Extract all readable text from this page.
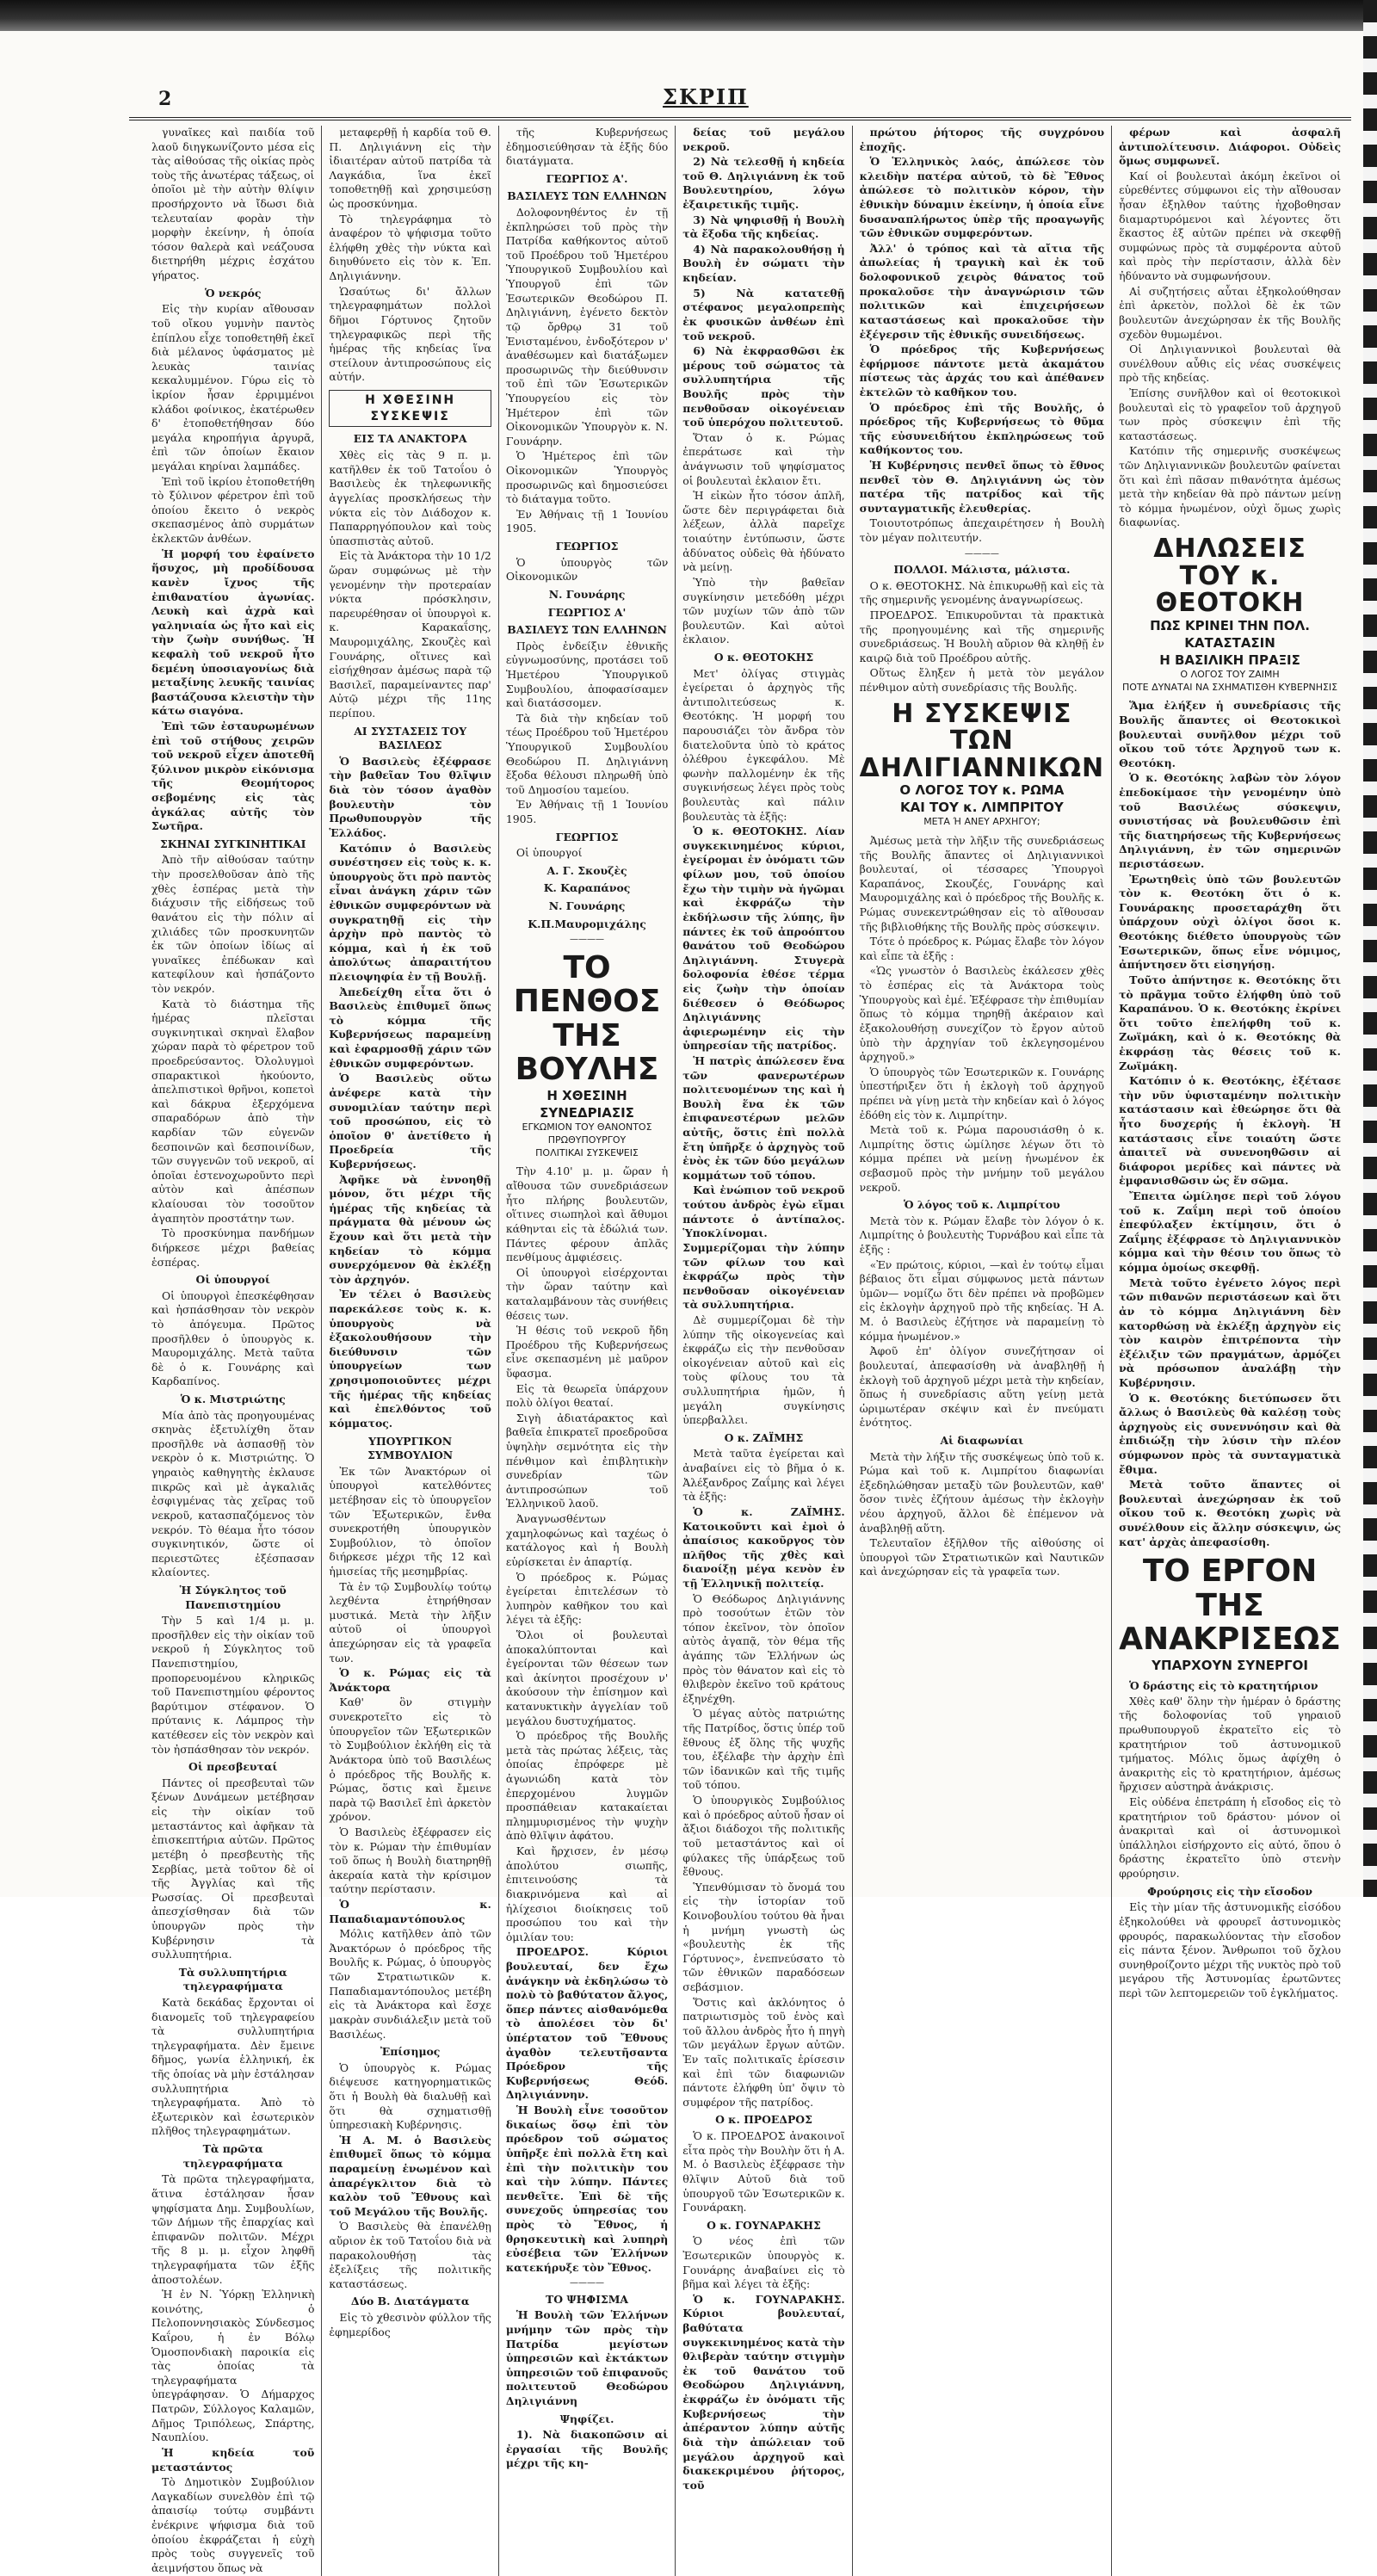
2	ΣΚΡΙΠ

γυναῖκες καὶ παιδία τοῦ λαοῦ διηγκωνίζοντο μέσα εἰς τὰς αἰθούσας τῆς οἰκίας πρὸς τοὺς τῆς ἀνωτέρας τάξεως, οἱ ὁποῖοι μὲ τὴν αὐτὴν θλίψιν προσήρχοντο νὰ ἴδωσι διὰ τελευταίαν φορὰν τὴν μορφὴν ἐκείνην, ἡ ὁποία τόσον θαλερὰ καὶ νεάζουσα διετηρήθη μέχρις ἐσχάτου γήρατος.

Ὁ νεκρός

Εἰς τὴν κυρίαν αἴθουσαν τοῦ οἴκου γυμνὴν παντὸς ἐπίπλου εἶχε τοποθετηθῆ ἐκεῖ διὰ μέλανος ὑφάσματος μὲ λευκὰς ταινίας κεκαλυμμένον. Γύρω εἰς τὸ ἰκρίον ἦσαν ἐρριμμένοι κλάδοι φοίνικος, ἐκατέρωθεν δ' ἐτοποθετήθησαν δύο μεγάλα κηροπήγια ἀργυρᾶ, ἐπὶ τῶν ὁποίων ἔκαιον μεγάλαι κηρίναι λαμπάδες.

Ἐπὶ τοῦ ἰκρίου ἐτοποθετήθη τὸ ξύλινον φέρετρον ἐπὶ τοῦ ὁποίου ἔκειτο ὁ νεκρὸς σκεπασμένος ἀπὸ συρμάτων ἐκλεκτῶν ἀνθέων.

Ἡ μορφή του ἐφαίνετο ἥσυχος, μὴ προδίδουσα κανὲν ἴχνος τῆς ἐπιθανατίου ἀγωνίας. Λευκὴ καὶ ἀχρὰ καὶ γαληνιαία ὡς ἦτο καὶ εἰς τὴν ζωὴν συνήθως. Ἡ κεφαλὴ τοῦ νεκροῦ ἦτο δεμένη ὑποσιαγονίως διὰ μεταξίνης λευκῆς ταινίας βαστάζουσα κλειστὴν τὴν κάτω σιαγόνα.

Ἐπὶ τῶν ἐσταυρωμένων ἐπὶ τοῦ στήθους χειρῶν τοῦ νεκροῦ εἶχεν ἀποτεθῆ ξύλινον μικρὸν εἰκόνισμα τῆς Θεομήτορος σεβομένης εἰς τὰς ἀγκάλας αὐτῆς τὸν Σωτῆρα.

ΣΚΗΝΑΙ ΣΥΓΚΙΝΗΤΙΚΑΙ

Ἀπὸ τῆν αἰθούσαν ταύτην τὴν προσελθοῦσαν ἀπὸ τῆς χθὲς ἑσπέρας μετὰ τὴν διάχυσιν τῆς εἰδήσεως τοῦ θανάτου εἰς τὴν πόλιν αἱ χιλιάδες τῶν προσκυνητῶν ἐκ τῶν ὁποίων ἰδίως αἱ γυναῖκες ἐπέδωκαν καὶ κατεφίλουν καὶ ἠσπάζοντο τὸν νεκρόν.

Κατὰ τὸ διάστημα τῆς ἡμέρας πλεῖσται συγκινητικαὶ σκηναὶ ἔλαβον χώραν παρὰ τὸ φέρετρον τοῦ προεδρεύσαντος. Ὀλολυγμοὶ σπαρακτικοὶ ἠκούοντο, ἀπελπιστικοὶ θρῆνοι, κοπετοὶ καὶ δάκρυα ἐξερχόμενα σπαραδόρων ἀπὸ τὴν καρδίαν τῶν εὐγενῶν δεσποινῶν καὶ δεσποινίδων, τῶν συγγενῶν τοῦ νεκροῦ, αἱ ὁποῖαι ἐστενοχωροῦντο περὶ αὐτὸν καὶ ἀπέσπων κλαίουσαι τὸν τοσοῦτον ἀγαπητὸν προστάτην των.

Τὸ προσκύνημα πανδήμων διήρκεσε μέχρι βαθείας ἑσπέρας.

Οἱ ὑπουργοί

Οἱ ὑπουργοὶ ἐπεσκέφθησαν καὶ ἠσπάσθησαν τὸν νεκρὸν τὸ ἀπόγευμα. Πρῶτος προσῆλθεν ὁ ὑπουργὸς κ. Μαυρομιχάλης. Μετὰ ταῦτα δὲ ὁ κ. Γουνάρης καὶ Καρδαπίνος.

Ὁ κ. Μιστριώτης

Μία ἀπὸ τὰς προηγουμένας σκηνὰς ἐξετυλίχθη ὅταν προσῆλθε νὰ ἀσπασθῇ τὸν νεκρὸν ὁ κ. Μιστριώτης. Ὁ γηραιὸς καθηγητὴς ἐκλαυσε πικρῶς καὶ μὲ ἀγκαλιᾶς ἐσφιγμένας τὰς χεῖρας τοῦ νεκροῦ, κατασπαζόμενος τὸν νεκρόν. Τὸ θέαμα ἦτο τόσον συγκινητικόν, ὥστε οἱ περιεστῶτες ἐξέσπασαν κλαίοντες.

Ἡ Σύγκλητος τοῦ Πανεπιστημίου

Τὴν 5 καὶ 1/4 μ. μ. προσῆλθεν εἰς τὴν οἰκίαν τοῦ νεκροῦ ἡ Σύγκλητος τοῦ Πανεπιστημίου, προπορευομένου κληρικῶς τοῦ Πανεπιστημίου φέροντος βαρύτιμον στέφανον. Ὁ πρύτανις κ. Λάμπρος τὴν κατέθεσεν εἰς τὸν νεκρὸν καὶ τὸν ἠσπάσθησαν τὸν νεκρόν.

Οἱ πρεσβευταί

Πάντες οἱ πρεσβευταὶ τῶν ξένων Δυνάμεων μετέβησαν εἰς τὴν οἰκίαν τοῦ μεταστάντος καὶ ἀφῆκαν τὰ ἐπισκεπτήρια αὐτῶν. Πρῶτος μετέβη ὁ πρεσβευτὴς τῆς Σερβίας, μετὰ τοῦτον δὲ οἱ τῆς Ἀγγλίας καὶ τῆς Ρωσσίας. Οἱ πρεσβευταὶ ἀπεσχίσθησαν διὰ τῶν ὑπουργῶν πρὸς τὴν Κυβέρνησιν τὰ συλλυπητήρια.

Τὰ συλλυπητήρια τηλεγραφήματα

Κατὰ δεκάδας ἔρχονται οἱ διανομεῖς τοῦ τηλεγραφείου τὰ συλλυπητήρια τηλεγραφήματα. Δὲν ἔμεινε δῆμος, γωνία ἑλληνική, ἐκ τῆς ὁποίας νὰ μὴν ἐστάλησαν συλλυπητήρια τηλεγραφήματα. Ἀπὸ τὸ ἐξωτερικὸν καὶ ἐσωτερικὸν πλῆθος τηλεγραφημάτων.

Τὰ πρῶτα τηλεγραφήματα

Τὰ πρῶτα τηλεγραφήματα, ἅτινα ἐστάλησαν ἦσαν ψηφίσματα Δημ. Συμβουλίων, τῶν Δήμων τῆς ἐπαρχίας καὶ ἐπιφανῶν πολιτῶν. Μέχρι τῆς 8 μ. μ. εἶχον ληφθῆ τηλεγραφήματα τῶν ἑξῆς ἀποστολέων.

Ἡ ἐν Ν. Ὑόρκῃ Ἑλληνικὴ κοινότης, ὁ Πελοποννησιακὸς Σύνδεσμος Καΐρου, ἡ ἐν Βόλῳ Ὁμοσπονδιακὴ παροικία εἰς τὰς ὁποίας τὰ τηλεγραφήματα ὑπεγράφησαν. Ὁ Δήμαρχος Πατρῶν, Σύλλογος Καλαμῶν, Δῆμος Τριπόλεως, Σπάρτης, Ναυπλίου.

Ἡ κηδεία τοῦ μεταστάντος

Τὸ Δημοτικὸν Συμβούλιον Λαγκαδίων συνελθὸν ἐπὶ τῷ ἀπαισίῳ τούτῳ συμβάντι ἐνέκρινε ψήφισμα διὰ τοῦ ὁποίου ἐκφράζεται ἡ εὐχὴ πρὸς τοὺς συγγενεῖς τοῦ ἀειμνήστου ὅπως νὰ

μεταφερθῇ ἡ καρδία τοῦ Θ. Π. Δηλιγιάννη εἰς τὴν ἰδιαιτέραν αὐτοῦ πατρίδα τὰ Λαγκάδια, ἵνα ἐκεῖ τοποθετηθῇ καὶ χρησιμεύσῃ ὡς προσκύνημα.

Τὸ τηλεγράφημα τὸ ἀναφέρον τὸ ψήφισμα τοῦτο ἐλήφθη χθὲς τὴν νύκτα καὶ διηυθύνετο εἰς τὸν κ. Ἐπ. Δηλιγιάννην.

Ὡσαύτως δι' ἄλλων τηλεγραφημάτων πολλοὶ δῆμοι Γόρτυνος ζητοῦν τηλεγραφικῶς περὶ τῆς ἡμέρας τῆς κηδείας ἵνα στείλουν ἀντιπροσώπους εἰς αὐτήν.

Η ΧΘΕΣΙΝΗ ΣΥΣΚΕΨΙΣ

ΕΙΣ ΤΑ ΑΝΑΚΤΟΡΑ

Χθὲς εἰς τὰς 9 π. μ. κατῆλθεν ἐκ τοῦ Τατοΐου ὁ Βασιλεὺς ἐκ τηλεφωνικῆς ἀγγελίας προσκλήσεως τὴν νύκτα εἰς τὸν Διάδοχον κ. Παπαρρηγόπουλον καὶ τοὺς ὑπασπιστὰς αὐτοῦ.

Εἰς τὰ Ἀνάκτορα τὴν 10 1/2 ὥραν συμφώνως μὲ τὴν γενομένην τὴν προτεραίαν νύκτα πρόσκλησιν, παρευρέθησαν οἱ ὑπουργοὶ κ. κ. Καρακαΐσης, Μαυρομιχάλης, Σκουζὲς καὶ Γουνάρης, οἵτινες καὶ εἰσήχθησαν ἀμέσως παρὰ τῷ Βασιλεῖ, παραμείναντες παρ' Αὐτῷ μέχρι τῆς 11ης περίπου.

ΑΙ ΣΥΣΤΑΣΕΙΣ ΤΟΥ ΒΑΣΙΛΕΩΣ

Ὁ Βασιλεὺς ἐξέφρασε τὴν βαθεῖαν Του θλῖψιν διὰ τὸν τόσον ἀγαθὸν βουλευτὴν τὸν Πρωθυπουργὸν τῆς Ἑλλάδος.

Κατόπιν ὁ Βασιλεὺς συνέστησεν εἰς τοὺς κ. κ. ὑπουργοὺς ὅτι πρὸ παντὸς εἶναι ἀνάγκη χάριν τῶν ἐθνικῶν συμφερόντων νὰ συγκρατηθῇ εἰς τὴν ἀρχὴν πρὸ παντὸς τὸ κόμμα, καὶ ἡ ἐκ τοῦ ἀπολύτως ἀπαραιτήτου πλειοψηφία ἐν τῇ Βουλῇ.

Ἀπεδείχθη εἶτα ὅτι ὁ Βασιλεὺς ἐπιθυμεῖ ὅπως τὸ κόμμα τῆς Κυβερνήσεως παραμείνῃ καὶ ἐφαρμοσθῇ χάριν τῶν ἐθνικῶν συμφερόντων.

Ὁ Βασιλεὺς οὕτω ἀνέφερε κατὰ τὴν συνομιλίαν ταύτην περὶ τοῦ προσώπου, εἰς τὸ ὁποῖον θ' ἀνετίθετο ἡ Προεδρεία τῆς Κυβερνήσεως.

Ἀφῆκε νὰ ἐννοηθῇ μόνον, ὅτι μέχρι τῆς ἡμέρας τῆς κηδείας τὰ πράγματα θὰ μένουν ὡς ἔχουν καὶ ὅτι μετὰ τὴν κηδείαν τὸ κόμμα συνερχόμενον θὰ ἐκλέξῃ τὸν ἀρχηγόν.

Ἐν τέλει ὁ Βασιλεὺς παρεκάλεσε τοὺς κ. κ. ὑπουργοὺς νὰ ἐξακολουθήσουν τὴν διεύθυνσιν τῶν ὑπουργείων των χρησιμοποιοῦντες μέχρι τῆς ἡμέρας τῆς κηδείας καὶ ἐπελθόντος τοῦ κόμματος.

ΥΠΟΥΡΓΙΚΟΝ ΣΥΜΒΟΥΛΙΟΝ

Ἐκ τῶν Ἀνακτόρων οἱ ὑπουργοὶ κατελθόντες μετέβησαν εἰς τὸ ὑπουργεῖον τῶν Ἐξωτερικῶν, ἔνθα συνεκροτήθη ὑπουργικὸν Συμβούλιον, τὸ ὁποῖον διήρκεσε μέχρι τῆς 12 καὶ ἡμισείας τῆς μεσημβρίας.

Τὰ ἐν τῷ Συμβουλίῳ τούτῳ λεχθέντα ἐτηρήθησαν μυστικά. Μετὰ τὴν λῆξιν αὐτοῦ οἱ ὑπουργοὶ ἀπεχώρησαν εἰς τὰ γραφεῖα των.

Ὁ κ. Ρώμας εἰς τὰ Ἀνάκτορα

Καθ' ὃν στιγμὴν συνεκροτεῖτο εἰς τὸ ὑπουργεῖον τῶν Ἐξωτερικῶν τὸ Συμβούλιον ἐκλήθη εἰς τὰ Ἀνάκτορα ὑπὸ τοῦ Βασιλέως ὁ πρόεδρος τῆς Βουλῆς κ. Ρώμας, ὅστις καὶ ἔμεινε παρὰ τῷ Βασιλεῖ ἐπὶ ἀρκετὸν χρόνον.

Ὁ Βασιλεὺς ἐξέφρασεν εἰς τὸν κ. Ρώμαν τὴν ἐπιθυμίαν τοῦ ὅπως ἡ Βουλὴ διατηρηθῇ ἀκεραία κατὰ τὴν κρίσιμον ταύτην περίστασιν.

Ὁ κ. Παπαδιαμαντόπουλος

Μόλις κατῆλθεν ἀπὸ τῶν Ἀνακτόρων ὁ πρόεδρος τῆς Βουλῆς κ. Ρώμας, ὁ ὑπουργὸς τῶν Στρατιωτικῶν κ. Παπαδιαμαντόπουλος μετέβη εἰς τὰ Ἀνάκτορα καὶ ἔσχε μακρὰν συνδιάλεξιν μετὰ τοῦ Βασιλέως.

Ἐπίσημος

Ὁ ὑπουργὸς κ. Ρώμας διέψευσε κατηγορηματικῶς ὅτι ἡ Βουλὴ θὰ διαλυθῇ καὶ ὅτι θὰ σχηματισθῇ ὑπηρεσιακὴ Κυβέρνησις.

Ἡ Α. Μ. ὁ Βασιλεὺς ἐπιθυμεῖ ὅπως τὸ κόμμα παραμείνῃ ἑνωμένον καὶ ἀπαρέγκλιτον διὰ τὸ καλὸν τοῦ Ἔθνους καὶ τοῦ Μεγάλου τῆς Βουλῆς.

Ὁ Βασιλεὺς θὰ ἐπανέλθῃ αὔριον ἐκ τοῦ Τατοΐου διὰ νὰ παρακολουθήσῃ τὰς ἐξελίξεις τῆς πολιτικῆς καταστάσεως.

Δύο Β. Διατάγματα

Εἰς τὸ χθεσινὸν φύλλον τῆς ἐφημερίδος

τῆς Κυβερνήσεως ἐδημοσιεύθησαν τὰ ἑξῆς δύο διατάγματα.

ΓΕΩΡΓΙΟΣ Α'.

ΒΑΣΙΛΕΥΣ ΤΩΝ ΕΛΛΗΝΩΝ

Δολοφονηθέντος ἐν τῇ ἐκπληρώσει τοῦ πρὸς τὴν Πατρίδα καθήκοντος αὐτοῦ τοῦ Προέδρου τοῦ Ἡμετέρου Ὑπουργικοῦ Συμβουλίου καὶ Ὑπουργοῦ ἐπὶ τῶν Ἐσωτερικῶν Θεοδώρου Π. Δηλιγιάννη, ἐγένετο δεκτὸν τῷ ὄρθρῳ 31 τοῦ Ἐνισταμένου, ἐνδοξότερον ν' ἀναθέσωμεν καὶ διατάξωμεν προσωρινῶς τὴν διεύθυνσιν τοῦ ἐπὶ τῶν Ἐσωτερικῶν Ὑπουργείου εἰς τὸν Ἡμέτερον ἐπὶ τῶν Οἰκονομικῶν Ὑπουργὸν κ. Ν. Γουνάρην.

Ὁ Ἡμέτερος ἐπὶ τῶν Οἰκονομικῶν Ὑπουργὸς προσωρινῶς καὶ δημοσιεύσει τὸ διάταγμα τοῦτο.

Ἐν Ἀθήναις τῇ 1 Ἰουνίου 1905.

ΓΕΩΡΓΙΟΣ

Ὁ ὑπουργὸς τῶν Οἰκονομικῶν

Ν. Γουνάρης

ΓΕΩΡΓΙΟΣ Α'

ΒΑΣΙΛΕΥΣ ΤΩΝ ΕΛΛΗΝΩΝ

Πρὸς ἐνδείξιν ἐθνικῆς εὐγνωμοσύνης, προτάσει τοῦ Ἡμετέρου Ὑπουργικοῦ Συμβουλίου, ἀποφασίσαμεν καὶ διατάσσομεν.

Τὰ διὰ τὴν κηδείαν τοῦ τέως Προέδρου τοῦ Ἡμετέρου Ὑπουργικοῦ Συμβουλίου Θεοδώρου Π. Δηλιγιάννη ἔξοδα θέλουσι πληρωθῆ ὑπὸ τοῦ Δημοσίου ταμείου.

Ἐν Ἀθήναις τῇ 1 Ἰουνίου 1905.

ΓΕΩΡΓΙΟΣ

Οἱ ὑπουργοί

Α. Γ. Σκουζὲς

Κ. Καραπάνος

Ν. Γουνάρης

Κ.Π.Μαυρομιχάλης

————

ΤΟ ΠΕΝΘΟΣ
ΤΗΣ ΒΟΥΛΗΣ
Η ΧΘΕΣΙΝΗ ΣΥΝΕΔΡΙΑΣΙΣ
ΕΓΚΩΜΙΟΝ ΤΟΥ ΘΑΝΟΝΤΟΣ ΠΡΩΘΥΠΟΥΡΓΟΥ
ΠΟΛΙΤΙΚΑΙ ΣΥΣΚΕΨΕΙΣ

Τὴν 4.10' μ. μ. ὥραν ἡ αἴθουσα τῶν συνεδριάσεων ἦτο πλήρης βουλευτῶν, οἵτινες σιωπηλοὶ καὶ ἄθυμοι κάθηνται εἰς τὰ ἑδώλιά των. Πάντες φέρουν ἀπλᾶς πενθίμους ἀμφιέσεις.

Οἱ ὑπουργοὶ εἰσέρχονται τὴν ὥραν ταύτην καὶ καταλαμβάνουν τὰς συνήθεις θέσεις των.

Ἡ θέσις τοῦ νεκροῦ ἤδη Προέδρου τῆς Κυβερνήσεως εἶνε σκεπασμένη μὲ μαῦρον ὕφασμα.

Εἰς τὰ θεωρεῖα ὑπάρχουν πολὺ ὀλίγοι θεαταί.

Σιγὴ ἀδιατάρακτος καὶ βαθεῖα ἐπικρατεῖ προεδροῦσα ὑψηλὴν σεμνότητα εἰς τὴν πένθιμον καὶ ἐπιβλητικὴν συνεδρίαν τῶν ἀντιπροσώπων τοῦ Ἑλληνικοῦ λαοῦ.

Ἀναγνωσθέντων χαμηλοφώνως καὶ ταχέως ὁ κατάλογος καὶ ἡ Βουλὴ εὑρίσκεται ἐν ἀπαρτίᾳ.

Ὁ πρόεδρος κ. Ρώμας ἐγείρεται ἐπιτελέσων τὸ λυπηρὸν καθῆκον του καὶ λέγει τὰ ἑξῆς:

Ὅλοι οἱ βουλευταὶ ἀποκαλύπτονται καὶ ἐγείρονται τῶν θέσεων των καὶ ἀκίνητοι προσέχουν ν' ἀκούσουν τὴν ἐπίσημον καὶ κατανυκτικὴν ἀγγελίαν τοῦ μεγάλου δυστυχήματος.

Ὁ πρόεδρος τῆς Βουλῆς μετὰ τὰς πρώτας λέξεις, τὰς ὁποίας ἐπρόφερε μὲ ἀγωνιώδη κατὰ τὸν ἐπερχομένου λυγμῶν προσπάθειαν κατακαίεται πλημμυρισμένος τὴν ψυχὴν ἀπὸ θλῖψιν ἀφάτου.

Καὶ ἤρχισεν, ἐν μέσῳ ἀπολύτου σιωπῆς, ἐπιτεινούσης τὰ διακρινόμενα καὶ αἱ ἠλίχεσιοι διοίκησεις τοῦ προσώπου του καὶ τὴν ὁμιλίαν του:

ΠΡΟΕΔΡΟΣ. Κύριοι βουλευταί, δεν ἔχω ἀνάγκην νὰ ἐκδηλώσω τὸ πολὺ τὸ βαθύτατον ἄλγος, ὅπερ πάντες αἰσθανόμεθα τὸ ἀπολέσει τὸν δι' ὑπέρτατον τοῦ Ἔθνους ἀγαθὸν τελευτῆσαντα Πρόεδρον τῆς Κυβερνήσεως Θεόδ. Δηλιγιάννην.

Ἡ Βουλὴ εἶνε τοσοῦτον δικαίως ὅσῳ ἐπὶ τὸν πρόεδρον τοῦ σώματος ὑπῆρξε ἐπὶ πολλὰ ἔτη καὶ ἐπὶ τὴν πολιτικὴν του καὶ τὴν λύπην. Πάντες πενθεῖτε. Ἐπὶ δὲ τῆς συνεχοῦς ὑπηρεσίας του πρὸς τὸ Ἔθνος, ἡ θρησκευτικὴ καὶ λυπηρὴ εὐσέβεια τῶν Ἑλλήνων κατεκήρυξε τὸν Ἔθνος.

————

ΤΟ ΨΗΦΙΣΜΑ

Ἡ Βουλὴ τῶν Ἑλλήνων μνήμην τῶν πρὸς τὴν Πατρίδα μεγίστων ὑπηρεσιῶν καὶ ἐκτάκτων ὑπηρεσιῶν τοῦ ἐπιφανοῦς πολιτευτοῦ Θεοδώρου Δηλιγιάννη

Ψηφίζει.

1). Νὰ διακοπῶσιν αἱ ἐργασίαι τῆς Βουλῆς μέχρι τῆς κη-

δείας τοῦ μεγάλου νεκροῦ.

2) Νὰ τελεσθῇ ἡ κηδεία τοῦ Θ. Δηλιγιάννη ἐκ τοῦ Βουλευτηρίου, λόγω ἐξαιρετικῆς τιμῆς.

3) Νὰ ψηφισθῇ ἡ Βουλὴ τὰ ἔξοδα τῆς κηδείας.

4) Νὰ παρακολουθήσῃ ἡ Βουλὴ ἐν σώματι τὴν κηδείαν.

5) Νὰ κατατεθῇ στέφανος μεγαλοπρεπὴς ἐκ φυσικῶν ἀνθέων ἐπὶ τοῦ νεκροῦ.

6) Νὰ ἐκφρασθῶσι ἐκ μέρους τοῦ σώματος τὰ συλλυπητήρια τῆς Βουλῆς πρὸς τὴν πενθοῦσαν οἰκογένειαν τοῦ ὑπερόχου πολιτευτοῦ.

Ὅταν ὁ κ. Ρώμας ἐπεράτωσε καὶ τὴν ἀνάγνωσιν τοῦ ψηφίσματος οἱ βουλευταὶ ἐκλαιον ἔτι.

Ἡ εἰκὼν ἦτο τόσον ἁπλῆ, ὥστε δὲν περιγράφεται διὰ λέξεων, ἀλλὰ παρεῖχε τοιαύτην ἐντύπωσιν, ὥστε ἀδύνατος οὐδεὶς θὰ ἠδύνατο νὰ μείνῃ.

Ὑπὸ τὴν βαθεῖαν συγκίνησιν μετεδόθη μέχρι τῶν μυχίων τῶν ἀπὸ τῶν βουλευτῶν. Καὶ αὐτοὶ ἐκλαιον.

Ο κ. ΘΕΟΤΟΚΗΣ

Μετ' ὀλίγας στιγμὰς ἐγείρεται ὁ ἀρχηγὸς τῆς ἀντιπολιτεύσεως κ. Θεοτόκης. Ἡ μορφή του παρουσιάζει τὸν ἄνδρα τὸν διατελοῦντα ὑπὸ τὸ κράτος ὀλέθρου ἐγκεφάλου. Μὲ φωνὴν παλλομένην ἐκ τῆς συγκινήσεως λέγει πρὸς τοὺς βουλευτὰς καὶ πάλιν βουλευτὰς τὰ ἑξῆς:

Ὁ κ. ΘΕΟΤΟΚΗΣ. Λίαν συγκεκινημένος κύριοι, ἐγείρομαι ἐν ὀνόματι τῶν φίλων μου, τοῦ ὁποίου ἔχω τὴν τιμὴν νὰ ἡγῶμαι καὶ ἐκφράζω τὴν ἐκδήλωσιν τῆς λύπης, ἣν πάντες ἐκ τοῦ ἀπροόπτου θανάτου τοῦ Θεοδώρου Δηλιγιάννη. Στυγερὰ δολοφονία ἐθέσε τέρμα εἰς ζωὴν τὴν ὁποίαν διέθεσεν ὁ Θεόδωρος Δηλιγιάννης ἀφιερωμένην εἰς τὴν ὑπηρεσίαν τῆς πατρίδος.

Ἡ πατρὶς ἀπώλεσεν ἕνα τῶν φανερωτέρων πολιτευομένων της καὶ ἡ Βουλὴ ἕνα ἐκ τῶν ἐπιφανεστέρων μελῶν αὐτῆς, ὅστις ἐπὶ πολλὰ ἔτη ὑπῆρξε ὁ ἀρχηγὸς τοῦ ἑνὸς ἐκ τῶν δύο μεγάλων κομμάτων τοῦ τόπου.

Καὶ ἐνώπιον τοῦ νεκροῦ τούτου ἀνδρὸς ἐγὼ εἴμαι πάντοτε ὁ ἀντίπαλος. Ὑποκλίνομαι. Συμμερίζομαι τὴν λύπην τῶν φίλων του καὶ ἐκφράζω πρὸς τὴν πενθοῦσαν οἰκογένειαν τὰ συλλυπητήρια.

Δὲ συμμερίζομαι δὲ τὴν λύπην τῆς οἰκογενείας καὶ ἐκφράζω εἰς τὴν πενθοῦσαν οἰκογένειαν αὐτοῦ καὶ εἰς τοὺς φίλους του τὰ συλλυπητήρια ἡμῶν, ἡ μεγάλη συγκίνησις ὑπερβαλλει.

Ο κ. ΖΑΪΜΗΣ

Μετὰ ταῦτα ἐγείρεται καὶ ἀναβαίνει εἰς τὸ βῆμα ὁ κ. Ἀλέξανδρος Ζαΐμης καὶ λέγει τὰ ἑξῆς:

Ὁ κ. ΖΑΪΜΗΣ. Κατοικοῦντι καὶ ἐμοὶ ὁ ἀπαίσιος κακοῦργος τὸν πλῆθος τῆς χθὲς καὶ διανοίξῃ μέγα κενὸν ἐν τῇ Ἑλληνικῇ πολιτείᾳ.

Ὁ Θεόδωρος Δηλιγιάννης πρὸ τοσούτων ἐτῶν τὸν τόπον ἐκεῖνον, τὸν ὁποῖον αὐτὸς ἀγαπᾷ, τὸν θέμα τῆς ἀγάπης τῶν Ἑλλήνων ὡς πρὸς τὸν θάνατον καὶ εἰς τὸ θλιβερὸν ἐκεῖνο τοῦ κράτους ἐξηνέχθη.

Ὁ μέγας αὐτὸς πατριώτης τῆς Πατρίδος, ὅστις ὑπέρ τοῦ ἔθνους ἐξ ὅλης τῆς ψυχῆς του, ἐξέλαβε τὴν ἀρχὴν ἐπὶ τῶν ἰδανικῶν καὶ τῆς τιμῆς τοῦ τόπου.

Ὁ ὑπουργικὸς Συμβούλιος καὶ ὁ πρόεδρος αὐτοῦ ἦσαν οἱ ἄξιοι διάδοχοι τῆς πολιτικῆς τοῦ μεταστάντος καὶ οἱ φύλακες τῆς ὑπάρξεως τοῦ ἔθνους.

Ὑπενθύμισαν τὸ ὄνομά του εἰς τὴν ἱστορίαν τοῦ Κοινοβουλίου τούτου θὰ ἦναι ἡ μνήμη γνωστὴ ὡς «βουλευτὴς ἐκ τῆς Γόρτυνος», ἐνεπνεύσατο τὸ τῶν ἐθνικῶν παραδόσεων σεβάσμιον.

Ὅστις καὶ ἀκλόνητος ὁ πατριωτισμὸς τοῦ ἑνὸς καὶ τοῦ ἄλλου ἀνδρὸς ἦτο ἡ πηγὴ τῶν μεγάλων ἔργων αὐτῶν. Ἐν ταῖς πολιτικαῖς ἐρίσεσιν καὶ ἐπὶ τῶν διαφωνιῶν πάντοτε ἐλήφθη ὑπ' ὄψιν τὸ συμφέρον τῆς πατρίδος.

Ο κ. ΠΡΟΕΔΡΟΣ

Ὁ κ. ΠΡΟΕΔΡΟΣ ἀνακοινοῖ εἶτα πρὸς τὴν Βουλὴν ὅτι ἡ Α. Μ. ὁ Βασιλεὺς ἐξέφρασε τὴν θλῖψιν Αὐτοῦ διὰ τοῦ ὑπουργοῦ τῶν Ἐσωτερικῶν κ. Γουνάρακη.

Ο κ. ΓΟΥΝΑΡΑΚΗΣ

Ὁ νέος ἐπὶ τῶν Ἐσωτερικῶν ὑπουργὸς κ. Γουνάρης ἀναβαίνει εἰς τὸ βῆμα καὶ λέγει τὰ ἑξῆς:

Ὁ κ. ΓΟΥΝΑΡΑΚΗΣ. Κύριοι βουλευταί, βαθύτατα συγκεκινημένος κατὰ τὴν θλιβερὰν ταύτην στιγμὴν ἐκ τοῦ θανάτου τοῦ Θεοδώρου Δηλιγιάννη, ἐκφράζω ἐν ὀνόματι τῆς Κυβερνήσεως τὴν ἀπέραντον λύπην αὐτῆς διὰ τὴν ἀπώλειαν τοῦ μεγάλου ἀρχηγοῦ καὶ διακεκριμένου ῥήτορος, τοῦ

πρώτου ῥήτορος τῆς συγχρόνου ἐποχῆς.

Ὁ Ἑλληνικὸς λαός, ἀπώλεσε τὸν κλειδὴν πατέρα αὐτοῦ, τὸ δὲ Ἔθνος ἀπώλεσε τὸ πολιτικὸν κόρον, τὴν ἐθνικὴν δύναμιν ἐκείνην, ἡ ὁποία εἶνε δυσαναπλήρωτος ὑπὲρ τῆς προαγωγῆς τῶν ἐθνικῶν συμφερόντων.

Ἀλλ' ὁ τρόπος καὶ τὰ αἴτια τῆς ἀπωλείας ἡ τραγικὴ καὶ ἐκ τοῦ δολοφονικοῦ χειρὸς θάνατος τοῦ προκαλοῦσε τὴν ἀναγνώρισιν τῶν πολιτικῶν καὶ ἐπιχειρήσεων καταστάσεως καὶ προκαλοῦσε τὴν ἐξέγερσιν τῆς ἐθνικῆς συνειδήσεως.

Ὁ πρόεδρος τῆς Κυβερνήσεως ἐφήρμοσε πάντοτε μετὰ ἀκαμάτου πίστεως τὰς ἀρχάς του καὶ ἀπέθανεν ἐκτελῶν τὸ καθῆκον του.

Ὁ πρόεδρος ἐπὶ τῆς Βουλῆς, ὁ πρόεδρος τῆς Κυβερνήσεως τὸ θῦμα τῆς εὐσυνειδήτου ἐκπληρώσεως τοῦ καθήκοντος του.

Ἡ Κυβέρνησις πενθεῖ ὅπως τὸ ἔθνος πενθεῖ τὸν Θ. Δηλιγιάννη ὡς τὸν πατέρα τῆς πατρίδος καὶ τῆς συνταγματικῆς ἐλευθερίας.

Τοιουτοτρόπως ἀπεχαιρέτησεν ἡ Βουλὴ τὸν μέγαν πολιτευτήν.

————

ΠΟΛΛΟΙ. Μάλιστα, μάλιστα.

Ο κ. ΘΕΟΤΟΚΗΣ. Νὰ ἐπικυρωθῇ καὶ εἰς τὰ τῆς σημερινῆς γενομένης ἀναγνωρίσεως.

ΠΡΟΕΔΡΟΣ. Ἐπικυροῦνται τὰ πρακτικὰ τῆς προηγουμένης καὶ τῆς σημερινῆς συνεδριάσεως. Ἡ Βουλὴ αὔριον θὰ κληθῇ ἐν καιρῷ διὰ τοῦ Προέδρου αὐτῆς.

Οὕτως ἔληξεν ἡ μετὰ τὸν μεγάλον πένθιμον αὐτὴ συνεδρίασις τῆς Βουλῆς.

Η ΣΥΣΚΕΨΙΣ
ΤΩΝ ΔΗΛΙΓΙΑΝΝΙΚΩΝ
Ο ΛΟΓΟΣ ΤΟΥ κ. ΡΩΜΑ
ΚΑΙ ΤΟΥ κ. ΛΙΜΠΡΙΤΟΥ
ΜΕΤΑ Ή ΑΝΕΥ ΑΡΧΗΓΟΥ;

Ἀμέσως μετὰ τὴν λῆξιν τῆς συνεδριάσεως τῆς Βουλῆς ἅπαντες οἱ Δηλιγιαννικοὶ βουλευταί, οἱ τέσσαρες Ὑπουργοὶ Καραπάνος, Σκουζές, Γουνάρης καὶ Μαυρομιχάλης καὶ ὁ πρόεδρος τῆς Βουλῆς κ. Ρώμας συνεκεντρώθησαν εἰς τὸ αἴθουσαν τῆς βιβλιοθήκης τῆς Βουλῆς πρὸς σύσκεψιν.

Τότε ὁ πρόεδρος κ. Ρώμας ἔλαβε τὸν λόγον καὶ εἶπε τὰ ἑξῆς :

«Ὡς γνωστὸν ὁ Βασιλεὺς ἐκάλεσεν χθὲς τὸ ἑσπέρας εἰς τὰ Ἀνάκτορα τοὺς Ὑπουργοὺς καὶ ἐμέ. Ἐξέφρασε τὴν ἐπιθυμίαν ὅπως τὸ κόμμα τηρηθῇ ἀκέραιον καὶ ἐξακολουθήσῃ συνεχίζον τὸ ἔργον αὐτοῦ ὑπὸ τὴν ἀρχηγίαν τοῦ ἐκλεγησομένου ἀρχηγοῦ.»

Ὁ ὑπουργὸς τῶν Ἐσωτερικῶν κ. Γουνάρης ὑπεστήριξεν ὅτι ἡ ἐκλογὴ τοῦ ἀρχηγοῦ πρέπει νὰ γίνῃ μετὰ τὴν κηδείαν καὶ ὁ λόγος ἐδόθη εἰς τὸν κ. Λιμπρίτην.

Μετὰ τοῦ κ. Ρώμα παρουσιάσθη ὁ κ. Λιμπρίτης ὅστις ὡμίλησε λέγων ὅτι τὸ κόμμα πρέπει νὰ μείνῃ ἡνωμένον ἐκ σεβασμοῦ πρὸς τὴν μνήμην τοῦ μεγάλου νεκροῦ.

Ὁ λόγος τοῦ κ. Λιμπρίτου

Μετὰ τὸν κ. Ρώμαν ἔλαβε τὸν λόγον ὁ κ. Λιμπρίτης ὁ βουλευτὴς Τυρνάβου καὶ εἶπε τὰ ἑξῆς :

«Ἐν πρώτοις, κύριοι, —καὶ ἐν τούτῳ εἶμαι βέβαιος ὅτι εἶμαι σύμφωνος μετὰ πάντων ὑμῶν— νομίζω ὅτι δὲν πρέπει νὰ προβῶμεν εἰς ἐκλογὴν ἀρχηγοῦ πρὸ τῆς κηδείας. Ἡ Α. Μ. ὁ Βασιλεὺς ἐζήτησε νὰ παραμείνῃ τὸ κόμμα ἡνωμένον.»

Ἀφοῦ ἐπ' ὀλίγον συνεζήτησαν οἱ βουλευταί, ἀπεφασίσθη νὰ ἀναβληθῇ ἡ ἐκλογὴ τοῦ ἀρχηγοῦ μέχρι μετὰ τὴν κηδείαν, ὅπως ἡ συνεδρίασις αὕτη γείνῃ μετὰ ὡριμωτέραν σκέψιν καὶ ἐν πνεύματι ἑνότητος.

Αἱ διαφωνίαι

Μετὰ τὴν λήξιν τῆς συσκέψεως ὑπὸ τοῦ κ. Ρώμα καὶ τοῦ κ. Λιμπρίτου διαφωνίαι ἐξεδηλώθησαν μεταξὺ τῶν βουλευτῶν, καθ' ὅσον τινὲς ἐζήτουν ἀμέσως τὴν ἐκλογὴν νέου ἀρχηγοῦ, ἄλλοι δὲ ἐπέμενον νὰ ἀναβληθῇ αὕτη.

Τελευταῖον ἐξῆλθον τῆς αἰθούσης οἱ ὑπουργοὶ τῶν Στρατιωτικῶν καὶ Ναυτικῶν καὶ ἀνεχώρησαν εἰς τὰ γραφεῖα των.

φέρων καὶ ἀσφαλῆ ἀντιπολίτευσιν. Διάφοροι. Οὐδεὶς ὅμως συμφωνεῖ.

Καί οἱ βουλευταὶ ἀκόμη ἐκεῖνοι οἱ εὑρεθέντες σύμφωνοι εἰς τὴν αἴθουσαν ἦσαν ἐξηλθον ταύτης ἠχοβοθησαν διαμαρτυρόμενοι καὶ λέγοντες ὅτι ἕκαστος ἐξ αὐτῶν πρέπει νὰ σκεφθῇ συμφώνως πρὸς τὰ συμφέροντα αὐτοῦ καὶ πρὸς τὴν περίστασιν, ἀλλὰ δὲν ἠδύναντο νὰ συμφωνήσουν.

Αἱ συζητήσεις αὗται ἐξηκολούθησαν ἐπὶ ἀρκετὸν, πολλοὶ δὲ ἐκ τῶν βουλευτῶν ἀνεχώρησαν ἐκ τῆς Βουλῆς σχεδὸν θυμωμένοι.

Οἱ Δηλιγιαννικοὶ βουλευταὶ θὰ συνέλθουν αὖθις εἰς νέας συσκέψεις πρὸ τῆς κηδείας.

Ἐπίσης συνῆλθον καὶ οἱ θεοτοκικοὶ βουλευταὶ εἰς τὸ γραφεῖον τοῦ ἀρχηγοῦ των πρὸς σύσκεψιν ἐπὶ τῆς καταστάσεως.

Κατόπιν τῆς σημερινῆς συσκέψεως τῶν Δηλιγιαννικῶν βουλευτῶν φαίνεται ὅτι καὶ ἐπὶ πᾶσαν πιθανότητα ἀμέσως μετὰ τὴν κηδείαν θὰ πρὸ πάντων μείνῃ τὸ κόμμα ἡνωμένον, οὐχὶ ὅμως χωρὶς διαφωνίας.

ΔΗΛΩΣΕΙΣ
ΤΟΥ κ. ΘΕΟΤΟΚΗ
ΠΩΣ ΚΡΙΝΕΙ ΤΗΝ ΠΟΛ. ΚΑΤΑΣΤΑΣΙΝ
Η ΒΑΣΙΛΙΚΗ ΠΡΑΞΙΣ
Ο ΛΟΓΟΣ ΤΟΥ ΖΑΙΜΗ
ΠΟΤΕ ΔΥΝΑΤΑΙ ΝΑ ΣΧΗΜΑΤΙΣΘΗ ΚΥΒΕΡΝΗΣΙΣ

Ἅμα ἐλήξεν ἡ συνεδρίασις τῆς Βουλῆς ἅπαντες οἱ Θεοτοκικοὶ βουλευταὶ συνῆλθον μέχρι τοῦ οἴκου τοῦ τότε Ἀρχηγοῦ των κ. Θεοτόκη.

Ὁ κ. Θεοτόκης λαβὼν τὸν λόγον ἐπεδοκίμασε τὴν γενομένην ὑπὸ τοῦ Βασιλέως σύσκεψιν, συνιστήσας νὰ βουλευθῶσιν ἐπὶ τῆς διατηρήσεως τῆς Κυβερνήσεως Δηλιγιάννη, ἐν τῶν σημερινῶν περιστάσεων.

Ἐρωτηθεὶς ὑπὸ τῶν βουλευτῶν τὸν κ. Θεοτόκη ὅτι ὁ κ. Γουνάρακης προσεταράχθη ὅτι ὑπάρχουν οὐχὶ ὀλίγοι ὅσοι κ. Θεοτόκης διέθετο ὑπουργοὺς τῶν Ἐσωτερικῶν, ὅπως εἶνε νόμιμος, ἀπήντησεν ὅτι εἰσηγήσῃ.

Τοῦτο ἀπήντησε κ. Θεοτόκης ὅτι τὸ πρᾶγμα τοῦτο ἐλήφθη ὑπὸ τοῦ Καραπάνου. Ὁ κ. Θεοτόκης ἐκρίνει ὅτι τοῦτο ἐπελήφθη τοῦ κ. Ζωϊμάκη, καὶ ὁ κ. Θεοτόκης θὰ ἐκφράσῃ τὰς θέσεις τοῦ κ. Ζωϊμάκη.

Κατόπιν ὁ κ. Θεοτόκης, ἐξέτασε τὴν νῦν ὑφισταμένην πολιτικὴν κατάστασιν καὶ ἐθεώρησε ὅτι θὰ ἦτο δυσχερής ἡ ἐκλογὴ. Ἡ κατάστασις εἶνε τοιαύτη ὥστε ἀπαιτεῖ νὰ συνενοηθῶσιν αἱ διάφοροι μερίδες καὶ πάντες νὰ ἐμφανισθῶσιν ὡς ἕν σῶμα.

Ἔπειτα ὡμίλησε περὶ τοῦ λόγου τοῦ κ. Ζαΐμη περὶ τοῦ ὁποίου ἐπεφύλαξεν ἐκτίμησιν, ὅτι ὁ Ζαΐμης ἐξέφρασε τὸ Δηλιγιαννικὸν κόμμα καὶ τὴν θέσιν του ὅπως τὸ κόμμα ὁμοίως σκεφθῇ.

Μετὰ τοῦτο ἐγένετο λόγος περὶ τῶν πιθανῶν περιστάσεων καὶ ὅτι ἀν τὸ κόμμα Δηλιγιάννη δὲν κατορθώσῃ νὰ ἐκλέξῃ ἀρχηγὸν εἰς τὸν καιρὸν ἐπιτρέποντα τὴν ἐξέλιξιν τῶν πραγμάτων, ἀρμόζει νὰ πρόσωπον ἀναλάβῃ τὴν Κυβέρνησιν.

Ὁ κ. Θεοτόκης διετύπωσεν ὅτι ἄλλως ὁ Βασιλεὺς θὰ καλέσῃ τοὺς ἀρχηγοὺς εἰς συνεννόησιν καὶ θὰ ἐπιδιώξῃ τὴν λύσιν τὴν πλέον σύμφωνον πρὸς τὰ συνταγματικὰ ἔθιμα.

Μετὰ τοῦτο ἅπαντες οἱ βουλευταὶ ἀνεχώρησαν ἐκ τοῦ οἴκου τοῦ κ. Θεοτόκη χωρὶς νὰ συνέλθουν εἰς ἄλλην σύσκεψιν, ὡς κατ' ἀρχὰς ἀπεφασίσθη.

ΤΟ ΕΡΓΟΝ
ΤΗΣ ΑΝΑΚΡΙΣΕΩΣ
ΥΠΑΡΧΟΥΝ ΣΥΝΕΡΓΟΙ

Ὁ δράστης εἰς τὸ κρατητήριον

Χθὲς καθ' ὅλην τὴν ἡμέραν ὁ δράστης τῆς δολοφονίας τοῦ γηραιοῦ πρωθυπουργοῦ ἐκρατεῖτο εἰς τὸ κρατητήριον τοῦ ἀστυνομικοῦ τμήματος. Μόλις ὅμως ἀφίχθη ὁ ἀνακριτὴς εἰς τὸ κρατητήριον, ἀμέσως ἤρχισεν αὐστηρὰ ἀνάκρισις.

Εἰς οὐδένα ἐπετράπη ἡ εἴσοδος εἰς τὸ κρατητήριον τοῦ δράστου· μόνον οἱ ἀνακριταὶ καὶ οἱ ἀστυνομικοὶ ὑπάλληλοι εἰσήρχοντο εἰς αὐτό, ὅπου ὁ δράστης ἐκρατεῖτο ὑπὸ στενὴν φρούρησιν.

Φρούρησις εἰς τὴν εἴσοδον

Εἰς τὴν μίαν τῆς ἀστυνομικῆς εἰσόδου ἐξηκολούθει νὰ φρουρεῖ ἀστυνομικὸς φρουρός, παρακωλύοντας τὴν εἴσοδον εἰς πάντα ξένον. Ἄνθρωποι τοῦ ὄχλου συνηθροίζοντο μέχρι τῆς νυκτὸς πρὸ τοῦ μεγάρου τῆς Ἀστυνομίας ἐρωτῶντες περὶ τῶν λεπτομερειῶν τοῦ ἐγκλήματος.
